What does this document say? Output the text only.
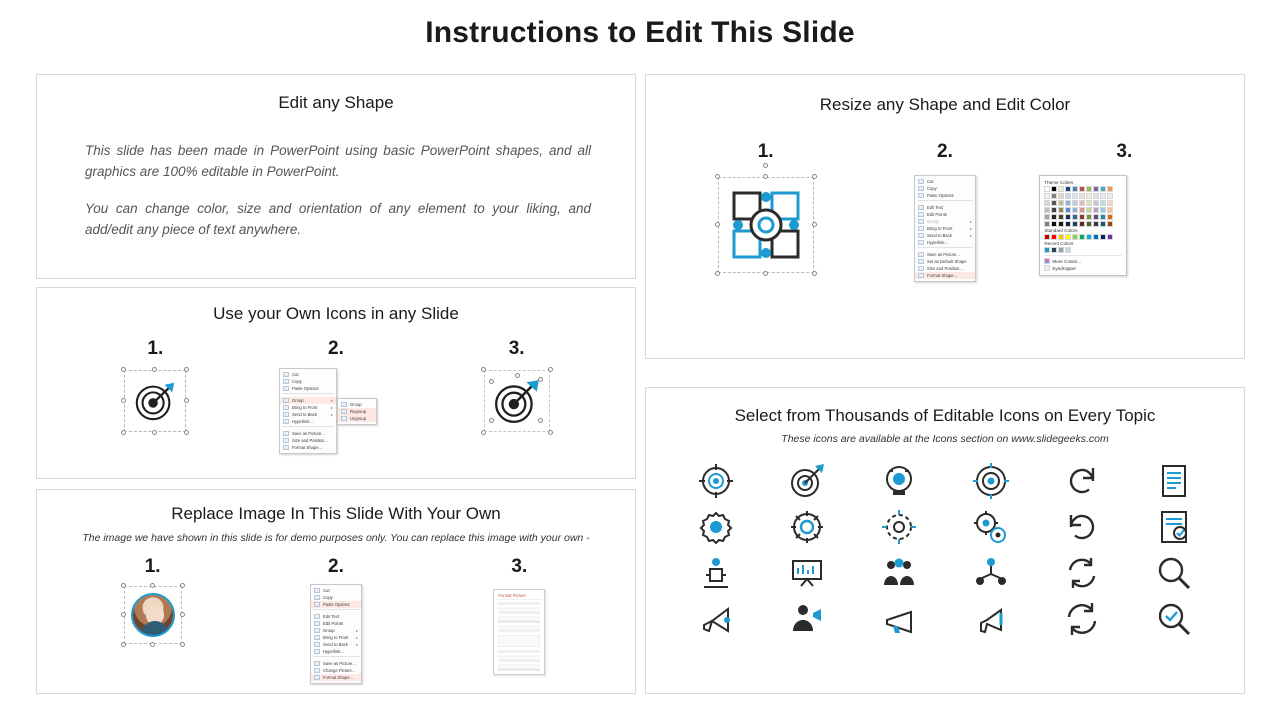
Instructions to Edit This Slide
Edit any Shape
This slide has been made in PowerPoint using basic PowerPoint shapes, and all graphics are 100% editable in PowerPoint.
You can change color, size and orientation of any element to your liking, and add/edit any piece of text anywhere.
Use your Own Icons in any Slide
1.	2.
Cut
Copy
Paste Options:
Group	▸
Bring to Front	▸
Send to Back	▸
Hyperlink...
Save as Picture...
Size and Position...
Format Shape...
Group
Regroup
Ungroup
3.
Replace Image In This Slide With Your Own
The image we have shown in this slide is for demo purposes only. You can replace this image with your own -
1.	2.
Cut
Copy
Paste Options:
Edit Text
Edit Points
Group	▸
Bring to Front ▸
Send to Back ▸
Hyperlink...
Save as Picture...
Change Picture...
Format Shape...
3.
Format Picture
Resize any Shape and Edit Color
1.	2.
Cut
Copy
Paste Options:
Edit Text
Edit Points
Group	▸
Bring to Front	▸
Send to Back	▸
Hyperlink...
Save as Picture...
Set as Default Shape
Size and Position...
Format Shape...
3.
Theme Colors
Standard Colors
Recent Colors
More Colors...
Eyedropper
Select from Thousands of Editable Icons on Every Topic
These icons are available at the Icons section on www.slidegeeks.com
